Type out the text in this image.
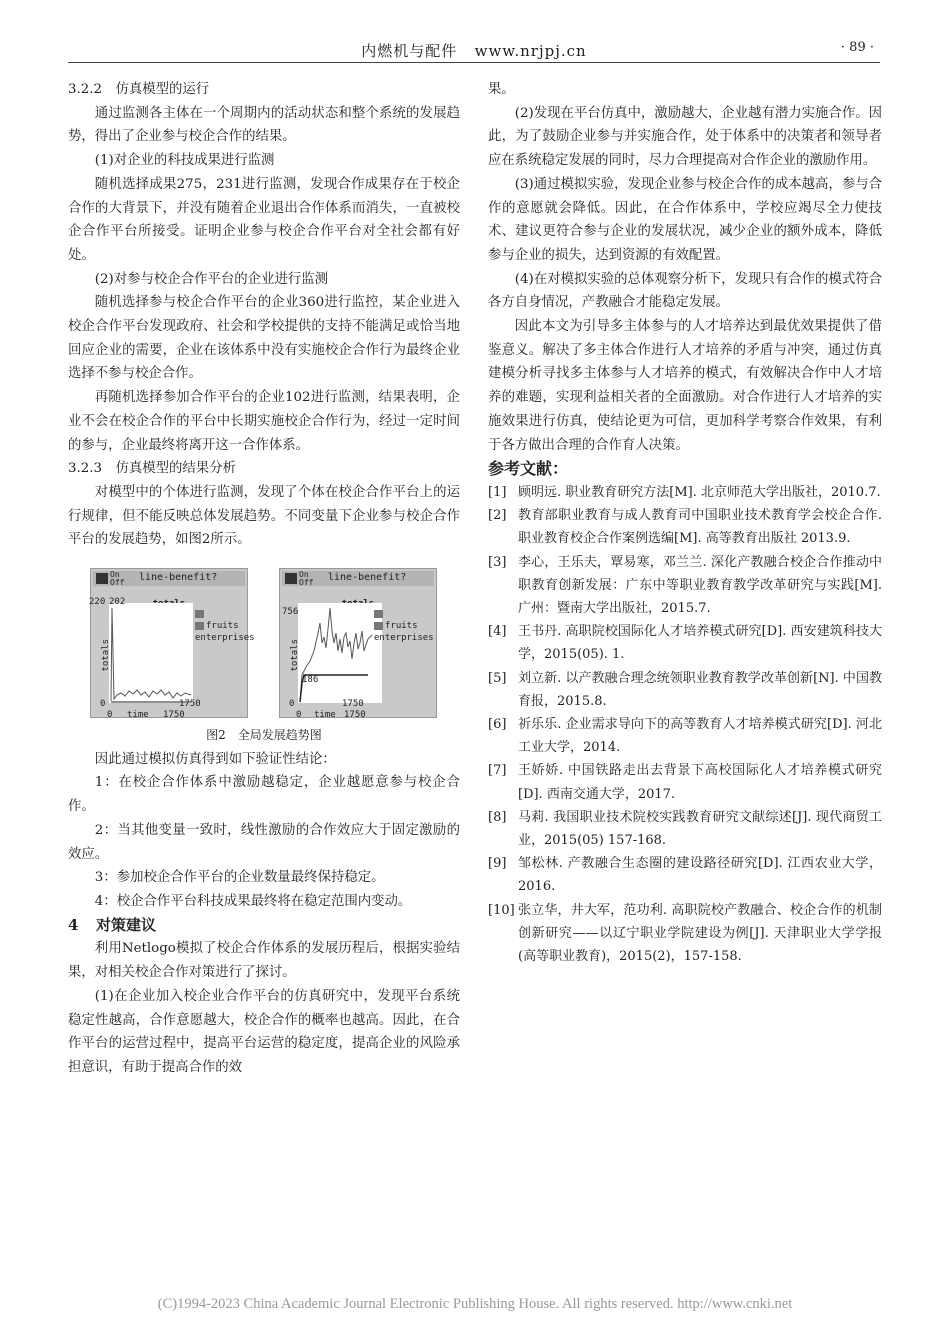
内燃机与配件 www.nrjpj.cn	· 89 ·

3.2.2　仿真模型的运行

通过监测各主体在一个周期内的活动状态和整个系统的发展趋势，得出了企业参与校企合作的结果。

(1)对企业的科技成果进行监测

随机选择成果275，231进行监测，发现合作成果存在于校企合作的大背景下，并没有随着企业退出合作体系而消失，一直被校企合作平台所接受。证明企业参与校企合作平台对全社会都有好处。

(2)对参与校企合作平台的企业进行监测

随机选择参与校企合作平台的企业360进行监控，某企业进入校企合作平台发现政府、社会和学校提供的支持不能满足或恰当地回应企业的需要，企业在该体系中没有实施校企合作行为最终企业选择不参与校企合作。

再随机选择参加合作平台的企业102进行监测，结果表明，企业不会在校企合作的平台中长期实施校企合作行为，经过一定时间的参与，企业最终将离开这一合作体系。

3.2.3　仿真模型的结果分析

对模型中的个体进行监测，发现了个体在校企合作平台上的运行规律，但不能反映总体发展趋势。不同变量下企业参与校企合作平台的发展趋势，如图2所示。

On
Off line-benefit?
220 202
totals
0	1750
0 time 1750
enterprises
fruits
On
Off line-benefit?
756
totals
186
0	1750
0 time 1750
enterprises
fruits

图2　全局发展趋势图

因此通过模拟仿真得到如下验证性结论：

1：在校企合作体系中激励越稳定，企业越愿意参与校企合作。

2：当其他变量一致时，线性激励的合作效应大于固定激励的效应。

3：参加校企合作平台的企业数量最终保持稳定。

4：校企合作平台科技成果最终将在稳定范围内变动。

4 对策建议

利用Netlogo模拟了校企合作体系的发展历程后，根据实验结果，对相关校企合作对策进行了探讨。

(1)在企业加入校企业合作平台的仿真研究中，发现平台系统稳定性越高，合作意愿越大，校企合作的概率也越高。因此，在合作平台的运营过程中，提高平台运营的稳定度，提高企业的风险承担意识，有助于提高合作的效

果。

(2)发现在平台仿真中，激励越大，企业越有潜力实施合作。因此，为了鼓励企业参与并实施合作，处于体系中的决策者和领导者应在系统稳定发展的同时，尽力合理提高对合作企业的激励作用。

(3)通过模拟实验，发现企业参与校企合作的成本越高，参与合作的意愿就会降低。因此，在合作体系中，学校应竭尽全力使技术、建议更符合参与企业的发展状况，减少企业的额外成本，降低参与企业的损失，达到资源的有效配置。

(4)在对模拟实验的总体观察分析下，发现只有合作的模式符合各方自身情况，产教融合才能稳定发展。

因此本文为引导多主体参与的人才培养达到最优效果提供了借鉴意义。解决了多主体合作进行人才培养的矛盾与冲突，通过仿真建模分析寻找多主体参与人才培养的模式，有效解决合作中人才培养的难题，实现利益相关者的全面激励。对合作进行人才培养的实施效果进行仿真，使结论更为可信，更加科学考察合作效果，有利于各方做出合理的合作育人决策。

参考文献：

[1] 顾明远. 职业教育研究方法[M]. 北京师范大学出版社，2010.7.
[2] 教育部职业教育与成人教育司中国职业技术教育学会校企合作. 职业教育校企合作案例选编[M]. 高等教育出版社 2013.9.
[3] 李心，王乐夫，覃易寒，邓兰兰. 深化产教融合校企合作推动中职教育创新发展：广东中等职业教育教学改革研究与实践[M]. 广州：暨南大学出版社，2015.7.
[4] 王书丹. 高职院校国际化人才培养模式研究[D]. 西安建筑科技大学，2015(05). 1.
[5] 刘立新. 以产教融合理念统领职业教育教学改革创新[N]. 中国教育报，2015.8.
[6] 祈乐乐. 企业需求导向下的高等教育人才培养模式研究[D]. 河北工业大学，2014.
[7] 王娇娇. 中国铁路走出去背景下高校国际化人才培养模式研究[D]. 西南交通大学，2017.
[8] 马莉. 我国职业技术院校实践教育研究文献综述[J]. 现代商贸工业，2015(05) 157-168.
[9] 邹松林. 产教融合生态圈的建设路径研究[D]. 江西农业大学，2016.
[10] 张立华，井大军，范功利. 高职院校产教融合、校企合作的机制创新研究——以辽宁职业学院建设为例[J]. 天津职业大学学报(高等职业教育)，2015(2)，157-158.
(C)1994-2023 China Academic Journal Electronic Publishing House. All rights reserved. http://www.cnki.net
